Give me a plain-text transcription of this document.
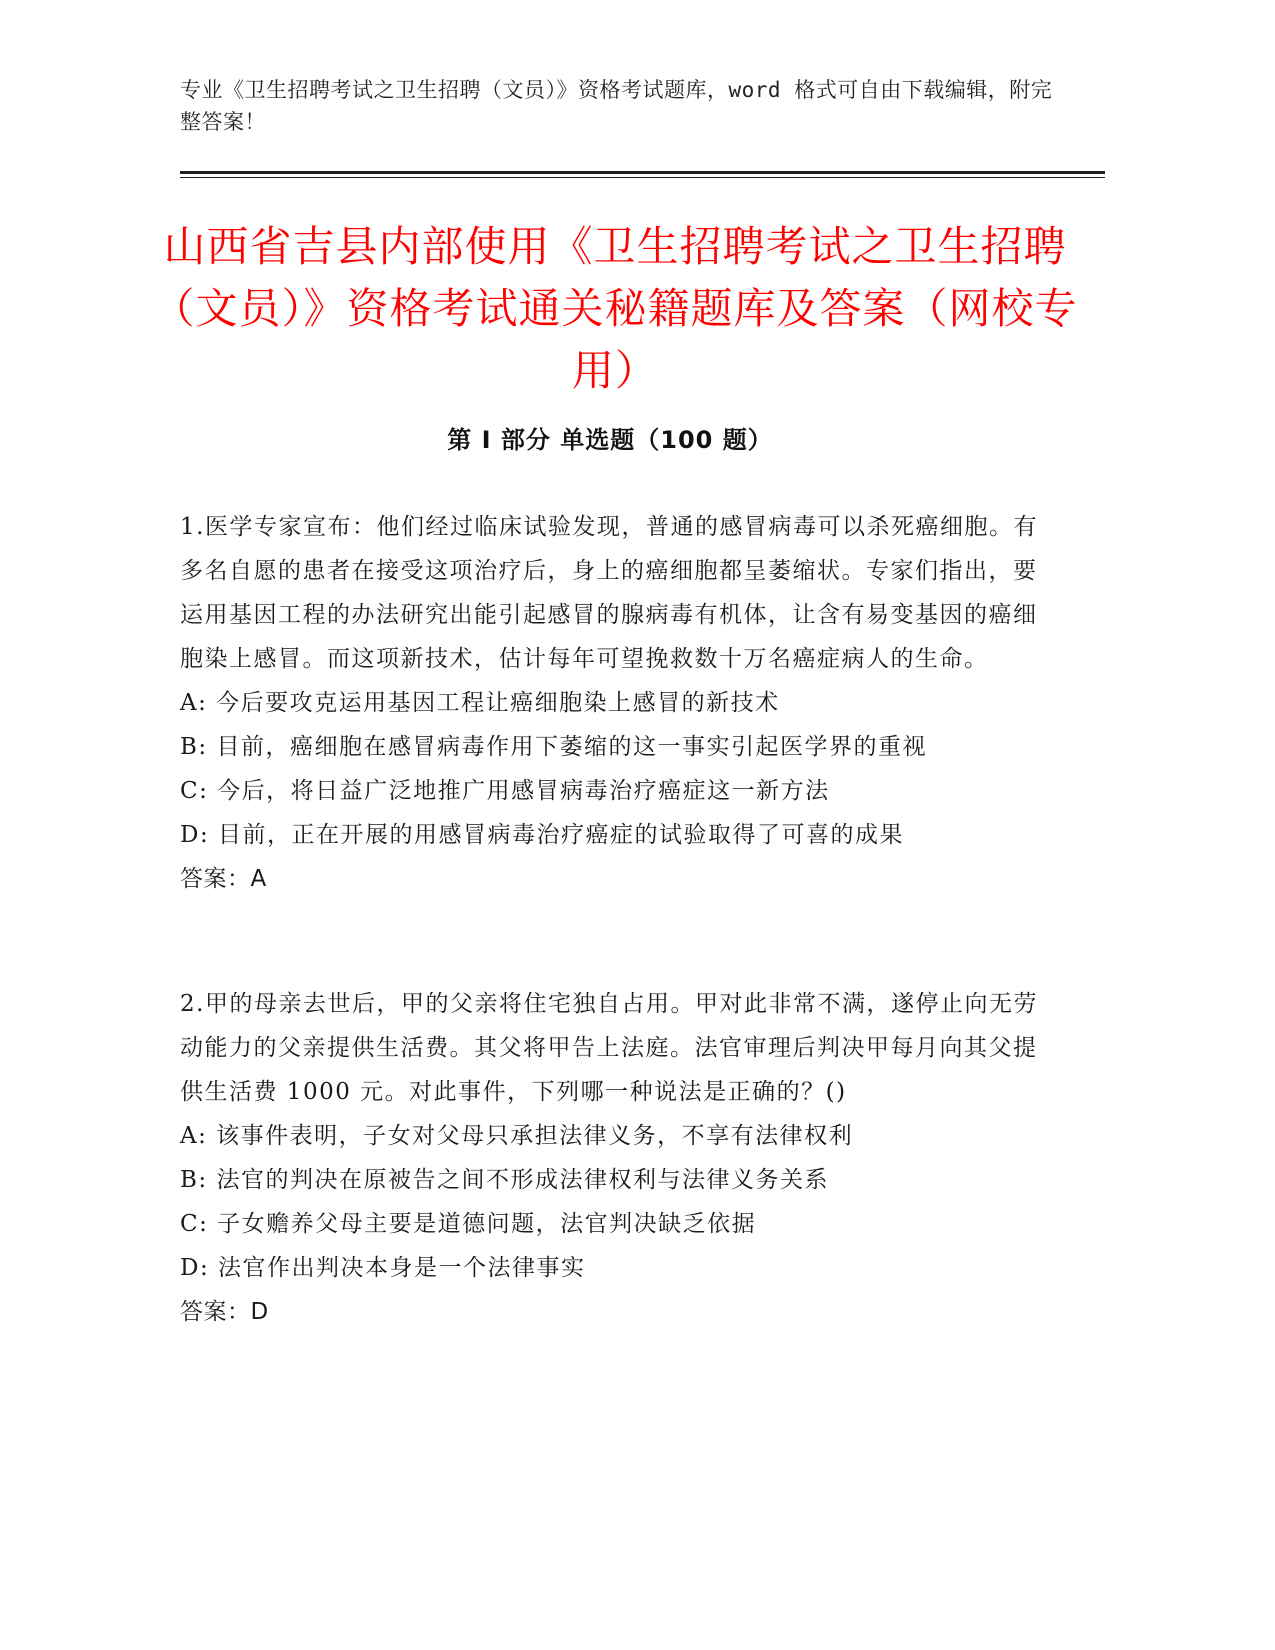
专业《卫生招聘考试之卫生招聘（文员）》资格考试题库，word 格式可自由下载编辑，附完整答案！
山西省吉县内部使用《卫生招聘考试之卫生招聘（文员）》资格考试通关秘籍题库及答案（网校专用）
第 I 部分 单选题（100 题）

1.医学专家宣布：他们经过临床试验发现，普通的感冒病毒可以杀死癌细胞。有多名自愿的患者在接受这项治疗后，身上的癌细胞都呈萎缩状。专家们指出，要运用基因工程的办法研究出能引起感冒的腺病毒有机体，让含有易变基因的癌细胞染上感冒。而这项新技术，估计每年可望挽救数十万名癌症病人的生命。

A: 今后要攻克运用基因工程让癌细胞染上感冒的新技术

B: 目前，癌细胞在感冒病毒作用下萎缩的这一事实引起医学界的重视

C: 今后，将日益广泛地推广用感冒病毒治疗癌症这一新方法

D: 目前，正在开展的用感冒病毒治疗癌症的试验取得了可喜的成果

答案：A

2.甲的母亲去世后，甲的父亲将住宅独自占用。甲对此非常不满，遂停止向无劳动能力的父亲提供生活费。其父将甲告上法庭。法官审理后判决甲每月向其父提供生活费 1000 元。对此事件，下列哪一种说法是正确的？()

A: 该事件表明，子女对父母只承担法律义务，不享有法律权利

B: 法官的判决在原被告之间不形成法律权利与法律义务关系

C: 子女赡养父母主要是道德问题，法官判决缺乏依据

D: 法官作出判决本身是一个法律事实

答案：D
